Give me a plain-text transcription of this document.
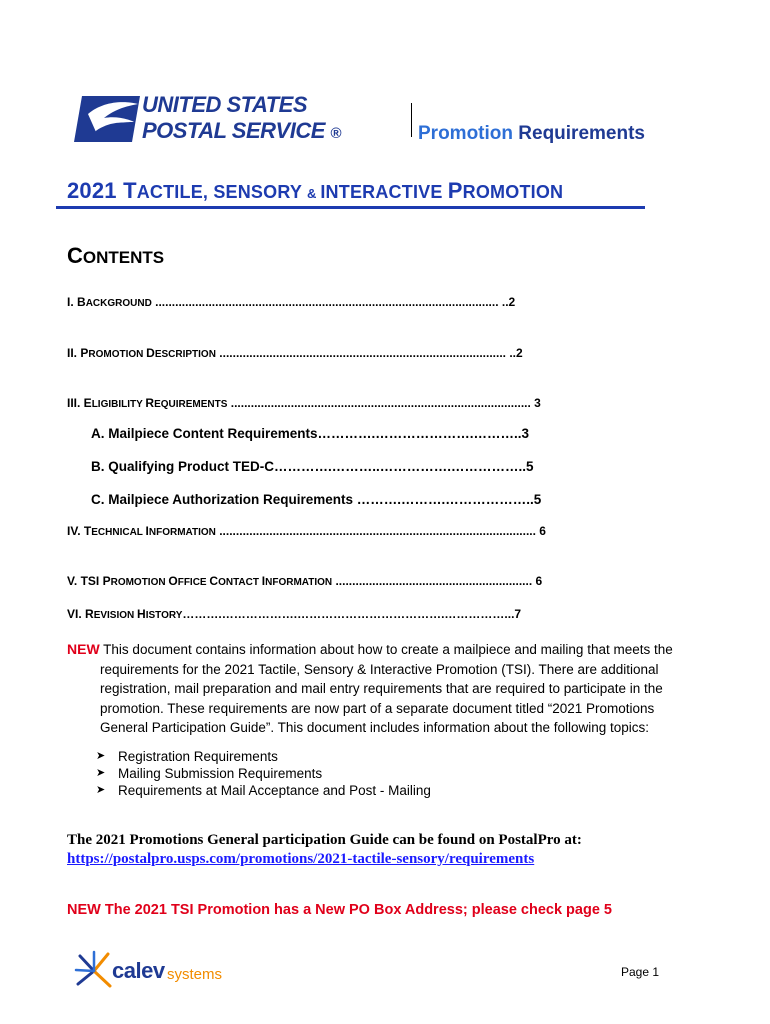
UNITED STATES
POSTAL SERVICE ®	Promotion Requirements
2021 TACTILE, SENSORY & INTERACTIVE PROMOTION
CONTENTS
I. BACKGROUND ....................................................................................................... ..2
II. PROMOTION DESCRIPTION ...................................................................................... ..2
III. ELIGIBILITY REQUIREMENTS .......................................................................................... 3
A. Mailpiece Content Requirements………….………………….………..3
B. Qualifying Product TED-C………….………..…………….……………..5
C. Mailpiece Authorization Requirements ……….……….………………..5
IV. TECHNICAL INFORMATION ............................................................................................... 6
V. TSI PROMOTION OFFICE CONTACT INFORMATION ........................................................... 6
VI. REVISION HISTORY……….……………….……………………………….……………...7
NEW This document contains information about how to create a mailpiece and mailing that meets the
requirements for the 2021 Tactile, Sensory & Interactive Promotion (TSI). There are additional
registration, mail preparation and mail entry requirements that are required to participate in the
promotion. These requirements are now part of a separate document titled “2021 Promotions
General Participation Guide”. This document includes information about the following topics:
➤ Registration Requirements
➤ Mailing Submission Requirements
➤ Requirements at Mail Acceptance and Post - Mailing
The 2021 Promotions General participation Guide can be found on PostalPro at:
https://postalpro.usps.com/promotions/2021-tactile-sensory/requirements
NEW The 2021 TSI Promotion has a New PO Box Address; please check page 5
calev systems	Page 1
